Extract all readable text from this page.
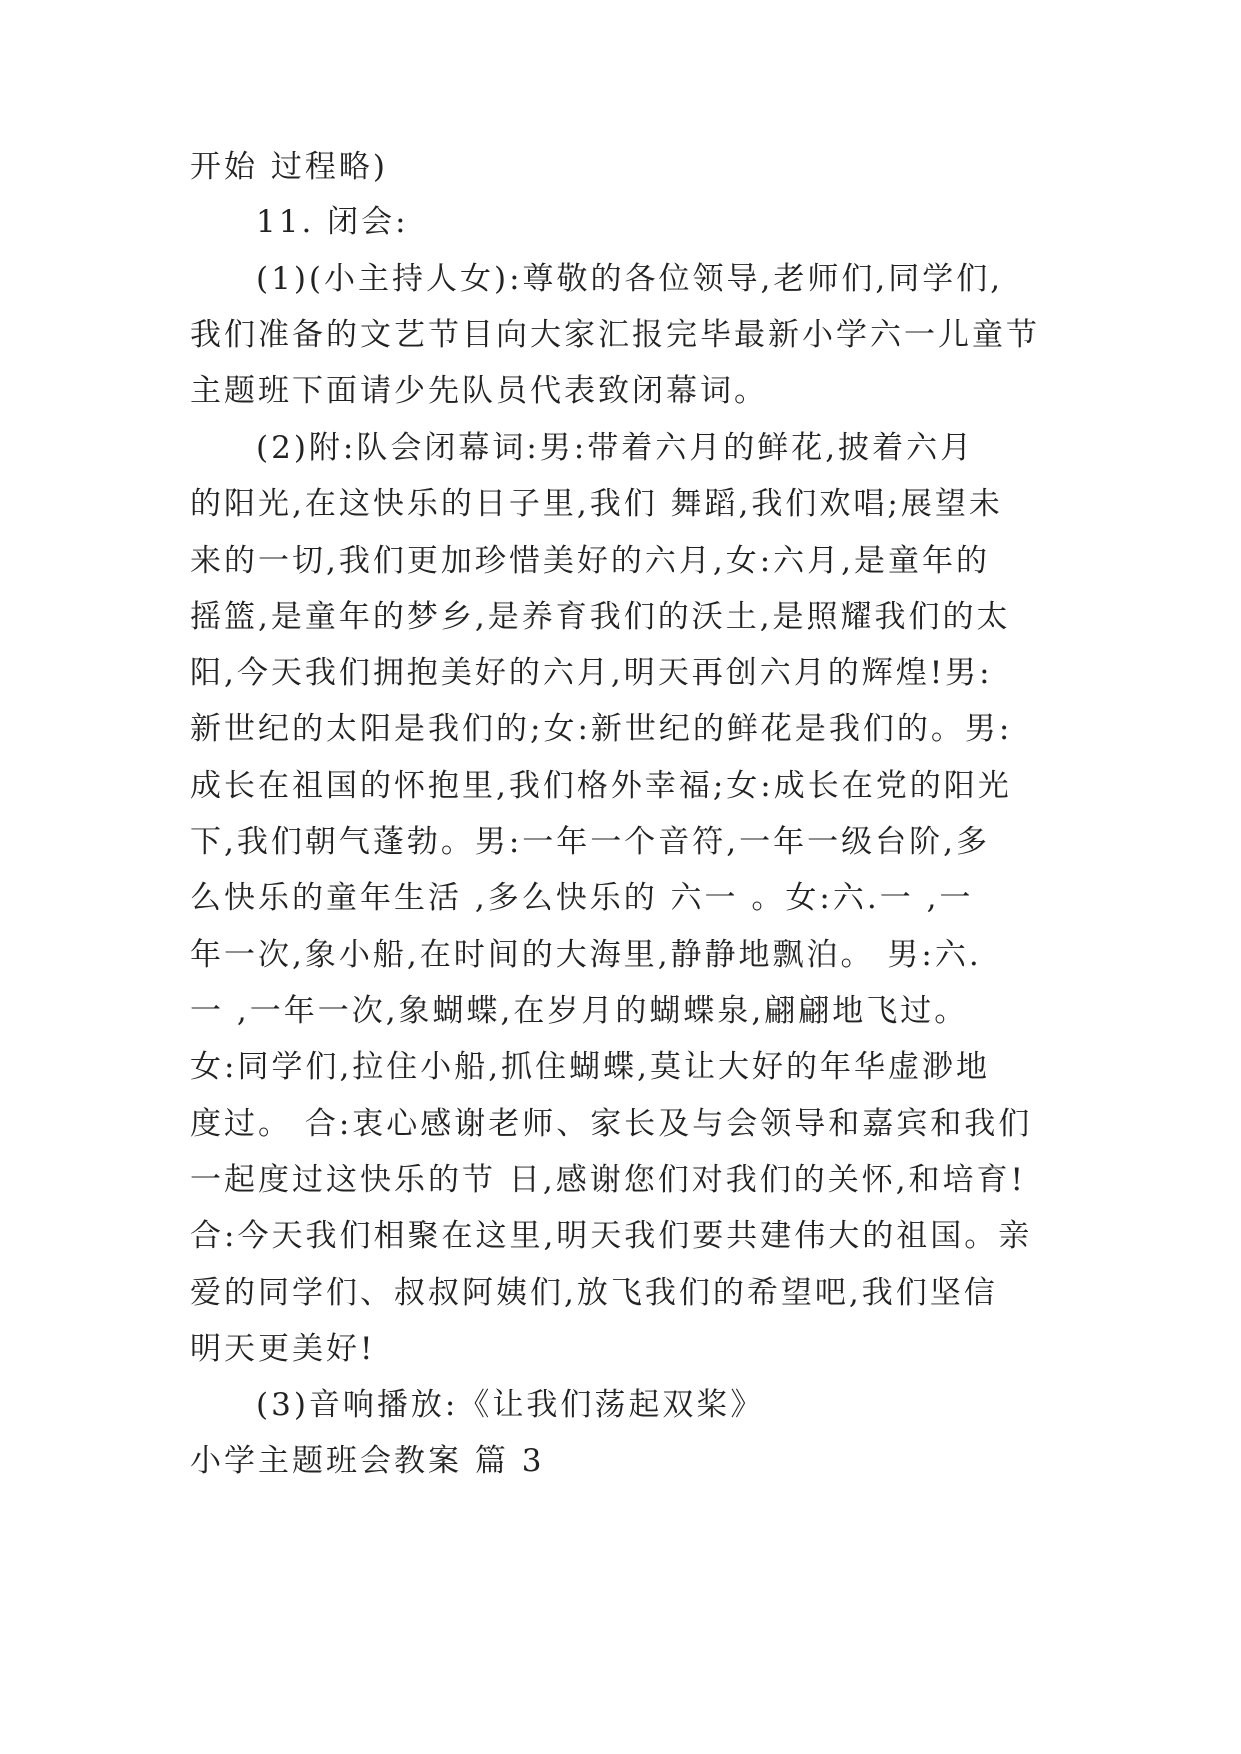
开始 过程略)
11. 闭会:
(1)(小主持人女):尊敬的各位领导,老师们,同学们,
我们准备的文艺节目向大家汇报完毕最新小学六一儿童节
主题班下面请少先队员代表致闭幕词。
(2)附:队会闭幕词:男:带着六月的鲜花,披着六月
的阳光,在这快乐的日子里,我们 舞蹈,我们欢唱;展望未
来的一切,我们更加珍惜美好的六月,女:六月,是童年的
摇篮,是童年的梦乡,是养育我们的沃土,是照耀我们的太
阳,今天我们拥抱美好的六月,明天再创六月的辉煌!男:
新世纪的太阳是我们的;女:新世纪的鲜花是我们的。男:
成长在祖国的怀抱里,我们格外幸福;女:成长在党的阳光
下,我们朝气蓬勃。男:一年一个音符,一年一级台阶,多
么快乐的童年生活 ,多么快乐的 六一 。女:六.一 ,一
年一次,象小船,在时间的大海里,静静地飘泊。 男:六.
一 ,一年一次,象蝴蝶,在岁月的蝴蝶泉,翩翩地飞过。
女:同学们,拉住小船,抓住蝴蝶,莫让大好的年华虚渺地
度过。 合:衷心感谢老师、家长及与会领导和嘉宾和我们
一起度过这快乐的节 日,感谢您们对我们的关怀,和培育!
合:今天我们相聚在这里,明天我们要共建伟大的祖国。亲
爱的同学们、叔叔阿姨们,放飞我们的希望吧,我们坚信
明天更美好!
(3)音响播放:《让我们荡起双桨》
小学主题班会教案 篇 3
